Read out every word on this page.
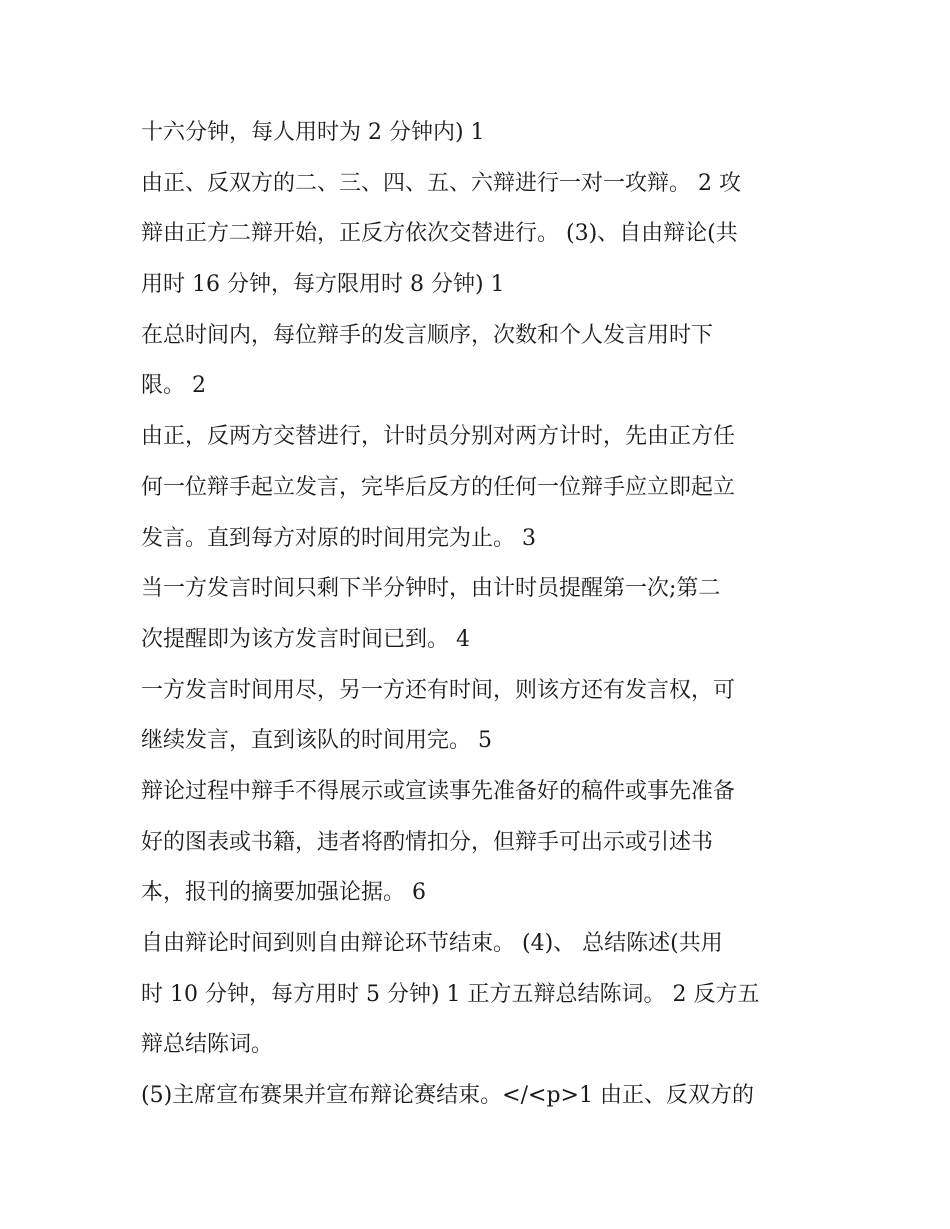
十六分钟，每人用时为 2 分钟内) 1

由正、反双方的二、三、四、五、六辩进行一对一攻辩。 2 攻

辩由正方二辩开始，正反方依次交替进行。 (3)、自由辩论(共

用时 16 分钟，每方限用时 8 分钟) 1

在总时间内，每位辩手的发言顺序，次数和个人发言用时下

限。 2

由正，反两方交替进行，计时员分别对两方计时，先由正方任

何一位辩手起立发言，完毕后反方的任何一位辩手应立即起立

发言。直到每方对原的时间用完为止。 3

当一方发言时间只剩下半分钟时，由计时员提醒第一次;第二

次提醒即为该方发言时间已到。 4

一方发言时间用尽，另一方还有时间，则该方还有发言权，可

继续发言，直到该队的时间用完。 5

辩论过程中辩手不得展示或宣读事先准备好的稿件或事先准备

好的图表或书籍，违者将酌情扣分，但辩手可出示或引述书

本，报刊的摘要加强论据。 6

自由辩论时间到则自由辩论环节结束。 (4)、 总结陈述(共用

时 10 分钟，每方用时 5 分钟) 1 正方五辩总结陈词。 2 反方五

辩总结陈词。

(5)主席宣布赛果并宣布辩论赛结束。</<p>1 由正、反双方的
